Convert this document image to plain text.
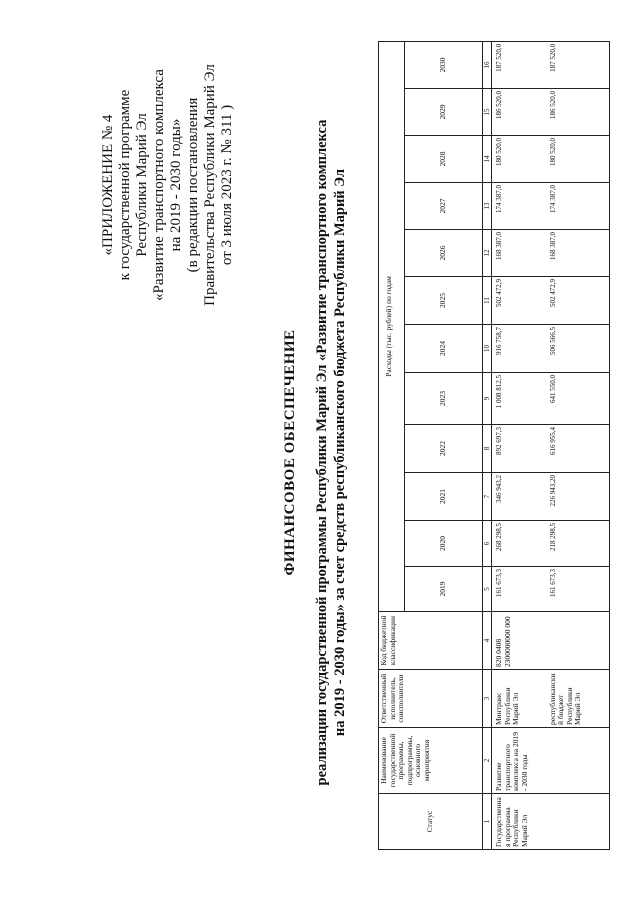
«ПРИЛОЖЕНИЕ № 4 к государственной программе Республики Марий Эл «Развитие транспортного комплекса на 2019 - 2030 годы» (в редакции постановления Правительства Республики Марий Эл от 3 июля 2023 г. № 311 )
ФИНАНСОВОЕ ОБЕСПЕЧЕНИЕ реализации государственной программы Республики Марий Эл «Развитие транспортного комплекса на 2019 - 2030 годы» за счет средств республиканского бюджета Республики Марий Эл
Статус	Наименование государственной программы, подпрограммы, основного мероприятия	Ответственный исполнитель, соисполнители	Код бюджетной классификации	Расходы (тыс. рублей) по годам											
				2019	2020	2021	2022	2023	2024	2025	2026	2027	2028	2029	2030
1	2	3	4	5	6	7	8	9	10	11	12	13	14	15	16
Государственная программа Республики Марий Эл	Развитие транспортного комплекса на 2019 - 2030 годы	Минтранс Республики Марий Эл	820 0408 2300000000 000	161 673,3	268 298,5	346 943,2	892 697,3	1 008 812,5	916 758,7	502 472,9	168 387,0	174 387,0	180 520,0	186 520,0	187 520,0
		республиканский бюджет Республики Марий Эл		161 673,3	218 298,5	226 943,20	616 955,4	641 550,0	506 566,5	502 472,9	168 387,0	174 387,0	180 520,0	186 520,0	187 520,0
